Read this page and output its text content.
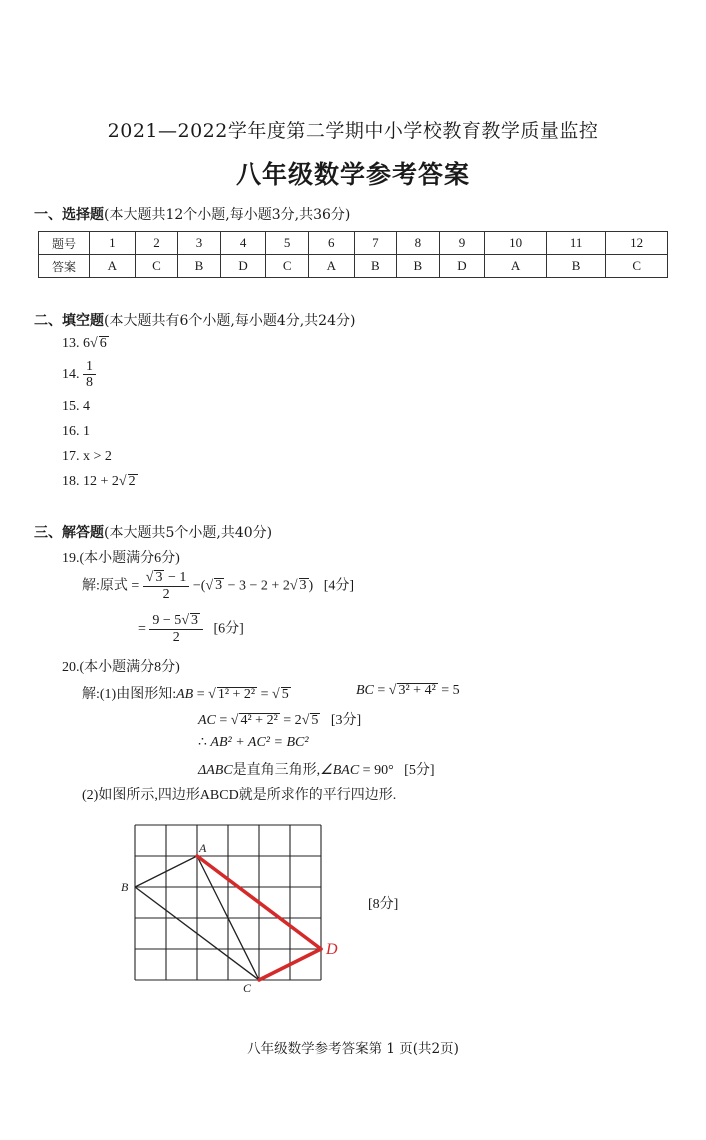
2021—2022学年度第二学期中小学校教育教学质量监控
八年级数学参考答案
一、选择题(本大题共12个小题,每小题3分,共36分)
题号	1	2	3	4	5	6	7	8	9	10	11	12
答案	A	C	B	D	C	A	B	B	D	A	B	C
二、填空题(本大题共有6个小题,每小题4分,共24分)
13. 6√ 6
14. $\frac{1}{8}$
15. 4
16. 1
17. x > 2
18. 12 + 2√ 2
三、解答题(本大题共5个小题,共40分)
19.(本小题满分6分)
解:原式 = $\frac{√ 3 - 1}{2}$ −(√ 3 − 3 − 2 + 2√ 3 ) [4分]
= $\frac{9 - 5√ 3}{2} [6$分]
20.(本小题满分8分)
解:(1)由图形知:AB = √ 1² + 2² = √ 5	BC = √ 3² + 4² = 5
AC = √ 4² + 2² = 2√ 5 [3分]
∴ AB² + AC² = BC²
ΔABC是直角三角形,∠BAC = 90° [5分]
(2)如图所示,四边形ABCD就是所求作的平行四边形.
A
B
C
D
[8分]
八年级数学参考答案第 1 页(共2页)
